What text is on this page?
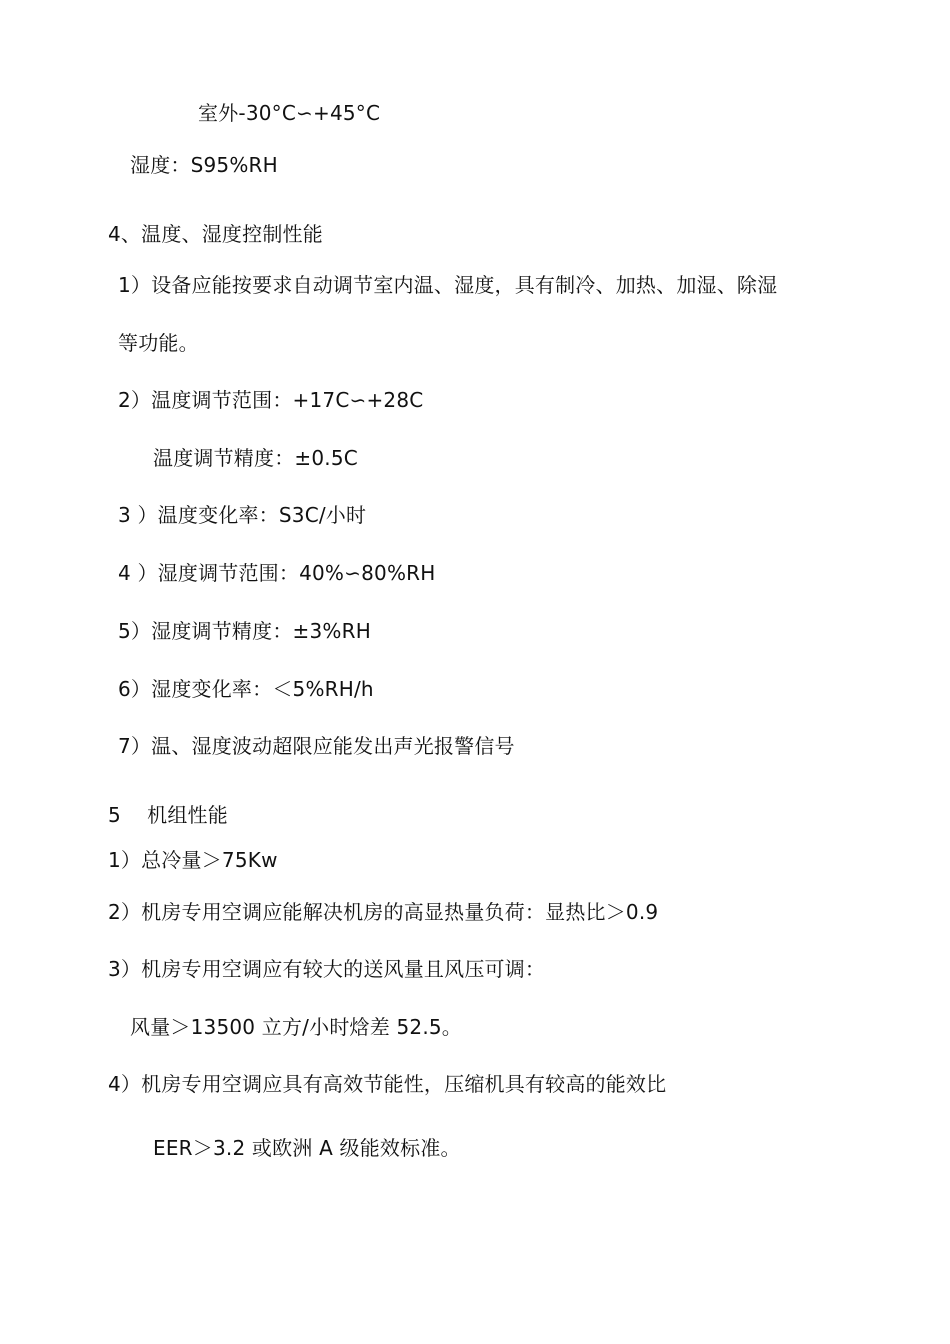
室外-30°C∽+45°C
湿度：S95%RH
4、温度、湿度控制性能
1）设备应能按要求自动调节室内温、湿度，具有制冷、加热、加湿、除湿
等功能。
2）温度调节范围：+17C∽+28C
温度调节精度：±0.5C
3 ）温度变化率：S3C/小时
4 ）湿度调节范围：40%∽80%RH
5）湿度调节精度：±3%RH
6）湿度变化率：＜5%RH/h
7）温、湿度波动超限应能发出声光报警信号
5    机组性能
1）总冷量＞75Kw
2）机房专用空调应能解决机房的高显热量负荷：显热比＞0.9
3）机房专用空调应有较大的送风量且风压可调：
风量＞13500 立方/小时焓差 52.5。
4）机房专用空调应具有高效节能性，压缩机具有较高的能效比
EER＞3.2 或欧洲 A 级能效标准。
